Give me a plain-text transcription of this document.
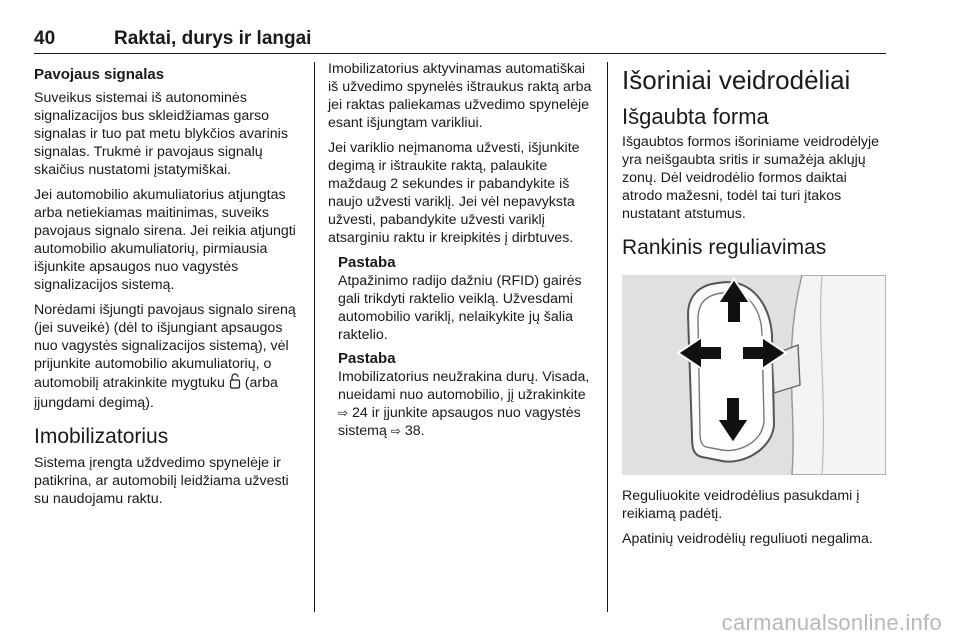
40	Raktai, durys ir langai
Pavojaus signalas

Suveikus sistemai iš autonominės signalizacijos bus skleidžiamas garso signalas ir tuo pat metu blykčios avarinis signalas. Trukmė ir pavojaus signalų skaičius nustatomi įstatymiškai.

Jei automobilio akumuliatorius atjungtas arba netiekiamas maitinimas, suveiks pavojaus signalo sirena. Jei reikia atjungti automobilio akumuliatorių, pirmiausia išjunkite apsaugos nuo vagystės signalizacijos sistemą.

Norėdami išjungti pavojaus signalo sireną (jei suveikė) (dėl to išjungiant apsaugos nuo vagystės signalizacijos sistemą), vėl prijunkite automobilio akumuliatorių, o automobilį atrakinkite mygtuku  (arba įjungdami degimą).

Imobilizatorius

Sistema įrengta uždvedimo spynelėje ir patikrina, ar automobilį leidžiama užvesti su naudojamu raktu.

Imobilizatorius aktyvinamas automatiškai iš užvedimo spynelės ištraukus raktą arba jei raktas paliekamas užvedimo spynelėje esant išjungtam varikliui.

Jei variklio neįmanoma užvesti, išjunkite degimą ir ištraukite raktą, palaukite maždaug 2 sekundes ir pabandykite iš naujo užvesti variklį. Jei vėl nepavyksta užvesti, pabandykite užvesti variklį atsarginiu raktu ir kreipkitės į dirbtuves.

Pastaba

Atpažinimo radijo dažniu (RFID) gairės gali trikdyti raktelio veiklą. Užvesdami automobilio variklį, nelaikykite jų šalia raktelio.

Pastaba

Imobilizatorius neužrakina durų. Visada, nueidami nuo automobilio, jį užrakinkite ⇨ 24 ir įjunkite apsaugos nuo vagystės sistemą ⇨ 38.

Išoriniai veidrodėliai
Išgaubta forma

Išgaubtos formos išoriniame veidrodėlyje yra neišgaubta sritis ir sumažėja aklųjų zonų. Dėl veidrodėlio formos daiktai atrodo mažesni, todėl tai turi įtakos nustatant atstumus.

Rankinis reguliavimas

Reguliuokite veidrodėlius pasukdami į reikiamą padėtį.

Apatinių veidrodėlių reguliuoti negalima.

carmanualsonline.info
